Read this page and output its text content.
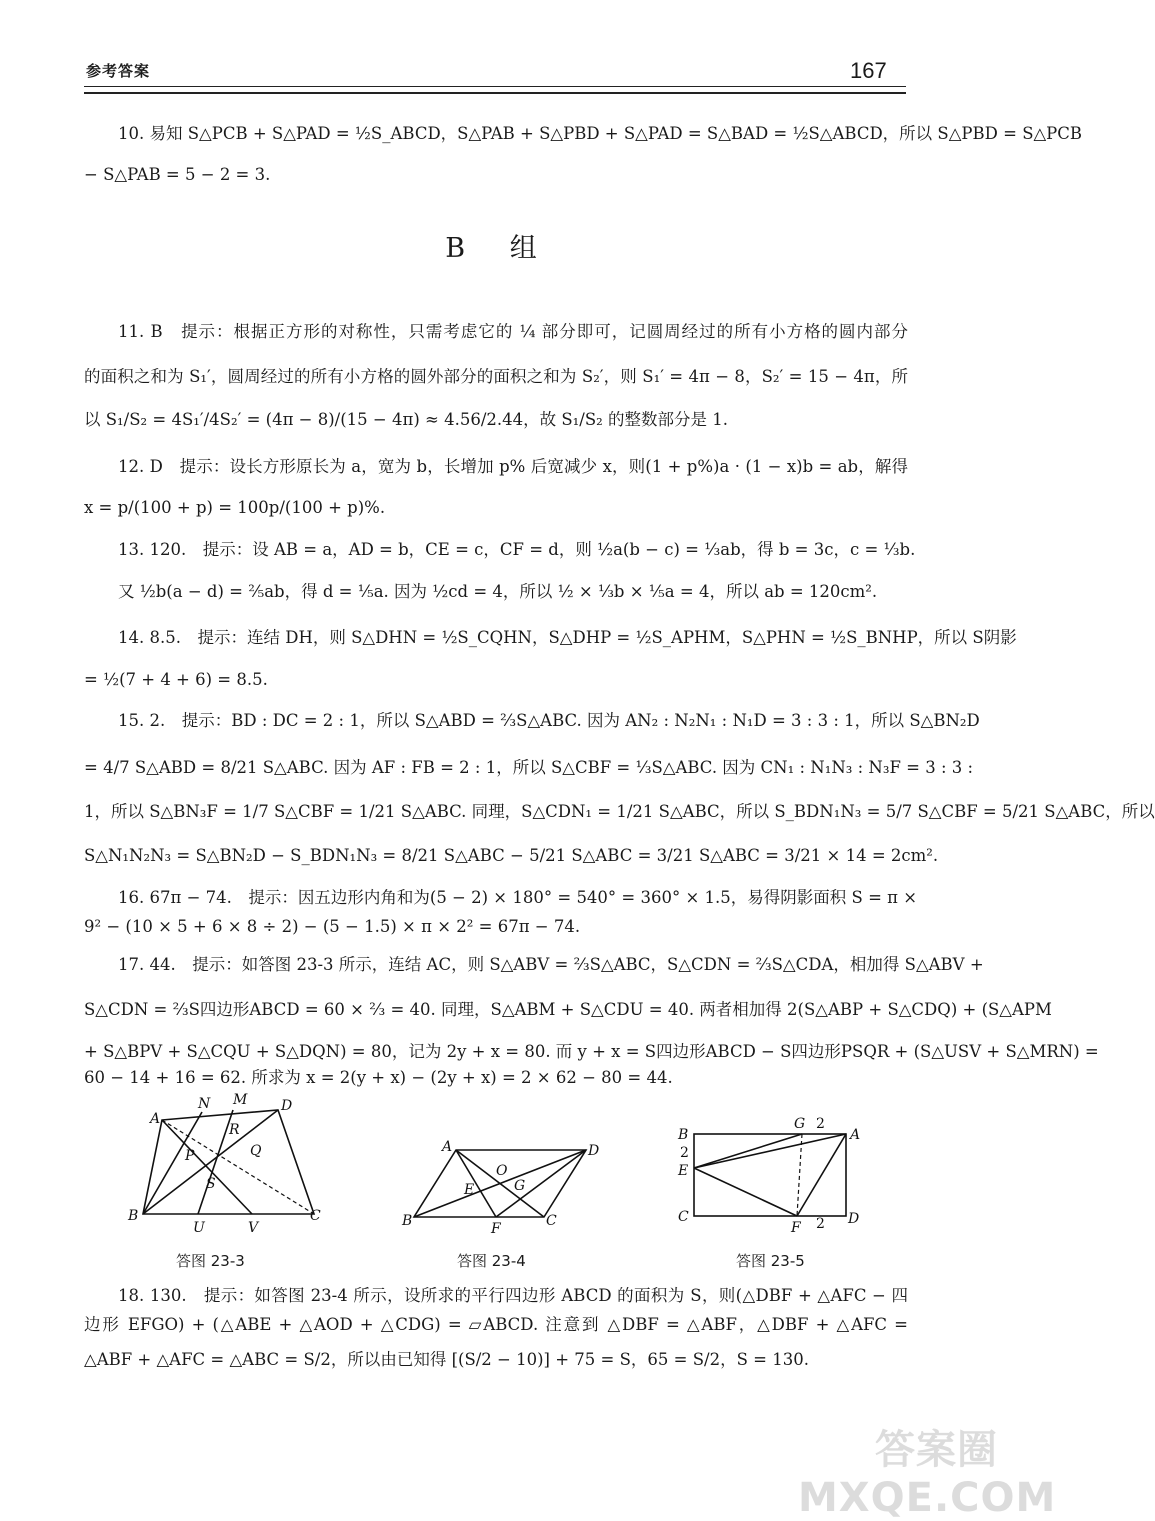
参考答案	167
10. 易知 S△PCB + S△PAD = ½S_ABCD，S△PAB + S△PBD + S△PAD = S△BAD = ½S△ABCD，所以 S△PBD = S△PCB
− S△PAB = 5 − 2 = 3.
B 组
11. B　提示：根据正方形的对称性，只需考虑它的 ¼ 部分即可，记圆周经过的所有小方格的圆内部分
的面积之和为 S₁′，圆周经过的所有小方格的圆外部分的面积之和为 S₂′，则 S₁′ = 4π − 8，S₂′ = 15 − 4π，所
以 S₁/S₂ = 4S₁′/4S₂′ = (4π − 8)/(15 − 4π) ≈ 4.56/2.44，故 S₁/S₂ 的整数部分是 1.
12. D　提示：设长方形原长为 a，宽为 b，长增加 p% 后宽减少 x，则(1 + p%)a · (1 − x)b = ab，解得
x = p/(100 + p) = 100p/(100 + p)%.
13. 120.　提示：设 AB = a，AD = b，CE = c，CF = d，则 ½a(b − c) = ⅓ab，得 b = 3c，c = ⅓b.
又 ½b(a − d) = ⅖ab，得 d = ⅕a. 因为 ½cd = 4，所以 ½ × ⅓b × ⅕a = 4，所以 ab = 120cm².
14. 8.5.　提示：连结 DH，则 S△DHN = ½S_CQHN，S△DHP = ½S_APHM，S△PHN = ½S_BNHP，所以 S阴影
= ½(7 + 4 + 6) = 8.5.
15. 2.　提示：BD : DC = 2 : 1，所以 S△ABD = ⅔S△ABC. 因为 AN₂ : N₂N₁ : N₁D = 3 : 3 : 1，所以 S△BN₂D
= 4/7 S△ABD = 8/21 S△ABC. 因为 AF : FB = 2 : 1，所以 S△CBF = ⅓S△ABC. 因为 CN₁ : N₁N₃ : N₃F = 3 : 3 :
1，所以 S△BN₃F = 1/7 S△CBF = 1/21 S△ABC. 同理，S△CDN₁ = 1/21 S△ABC，所以 S_BDN₁N₃ = 5/7 S△CBF = 5/21 S△ABC，所以
S△N₁N₂N₃ = S△BN₂D − S_BDN₁N₃ = 8/21 S△ABC − 5/21 S△ABC = 3/21 S△ABC = 3/21 × 14 = 2cm².
16. 67π − 74.　提示：因五边形内角和为(5 − 2) × 180° = 540° = 360° × 1.5，易得阴影面积 S = π ×
9² − (10 × 5 + 6 × 8 ÷ 2) − (5 − 1.5) × π × 2² = 67π − 74.
17. 44.　提示：如答图 23-3 所示，连结 AC，则 S△ABV = ⅔S△ABC，S△CDN = ⅔S△CDA，相加得 S△ABV +
S△CDN = ⅔S四边形ABCD = 60 × ⅔ = 40. 同理，S△ABM + S△CDU = 40. 两者相加得 2(S△ABP + S△CDQ) + (S△APM
+ S△BPV + S△CQU + S△DQN) = 80，记为 2y + x = 80. 而 y + x = S四边形ABCD − S四边形PSQR + (S△USV + S△MRN) =
60 − 14 + 16 = 62. 所求为 x = 2(y + x) − (2y + x) = 2 × 62 − 80 = 44.
A
N M D
R
P	Q
S
B
U	V
C
答图 23-3
A	D
O
E	G
B	F	C
答图 23-4
B
G 2
A
2
E
C
F 2 D
答图 23-5
18. 130.　提示：如答图 23-4 所示，设所求的平行四边形 ABCD 的面积为 S，则(△DBF + △AFC − 四
边形 EFGO) + (△ABE + △AOD + △CDG) = ▱ABCD. 注意到 △DBF = △ABF，△DBF + △AFC =
△ABF + △AFC = △ABC = S/2，所以由已知得 [(S/2 − 10)] + 75 = S，65 = S/2，S = 130.
答案圈 MXQE.COM
